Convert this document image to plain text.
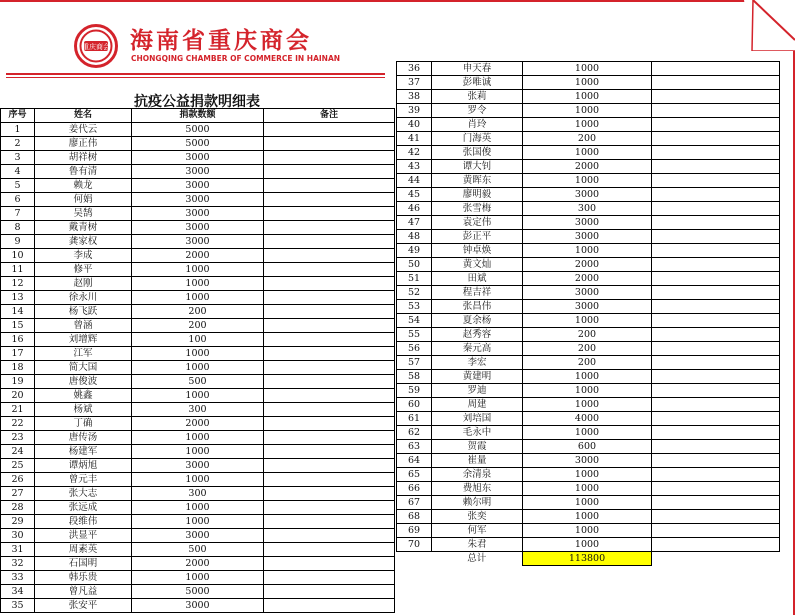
重庆商会 海南省重庆商会
CHONGQING CHAMBER OF COMMERCE IN HAINAN
抗疫公益捐款明细表
序号	姓名	捐款数额	备注
1	姜代云	5000	
2	廖正伟	5000	
3	胡祥树	3000	
4	鲁有清	3000	
5	赖龙	3000	
6	何娟	3000	
7	吴鹄	3000	
8	戴青树	3000	
9	龚家权	3000	
10	李成	2000	
11	修平	1000	
12	赵刚	1000	
13	徐永川	1000	
14	杨飞跃	200	
15	曾涵	200	
16	刘增辉	100	
17	江军	1000	
18	简大国	1000	
19	唐俊波	500	
20	姚鑫	1000	
21	杨斌	300	
22	丁确	2000	
23	唐传汤	1000	
24	杨建军	1000	
25	谭炳旭	3000	
26	曾元丰	1000	
27	张大志	300	
28	张远成	1000	
29	段维伟	1000	
30	洪显平	3000	
31	周素英	500	
32	石国明	2000	
33	韩乐贵	1000	
34	曾凡益	5000	
35	张安平	3000	
36	申天春	1000	
37	彭唯诚	1000	
38	张莉	1000	
39	罗令	1000	
40	肖玲	1000	
41	门海英	200	
42	张国俊	1000	
43	谭大钊	2000	
44	黄晖东	1000	
45	廖明毅	3000	
46	张雪梅	300	
47	袁定伟	3000	
48	彭正平	3000	
49	钟卓焕	1000	
50	黄文灿	2000	
51	田斌	2000	
52	程吉祥	3000	
53	张昌伟	3000	
54	夏余杨	1000	
55	赵秀容	200	
56	秦元高	200	
57	李宏	200	
58	黄建明	1000	
59	罗迪	1000	
60	周建	1000	
61	刘培国	4000	
62	毛永中	1000	
63	贺霞	600	
64	崔量	3000	
65	余清泉	1000	
66	费旭东	1000	
67	赖尔明	1000	
68	张奕	1000	
69	何军	1000	
70	朱君	1000	
	总计	113800	
